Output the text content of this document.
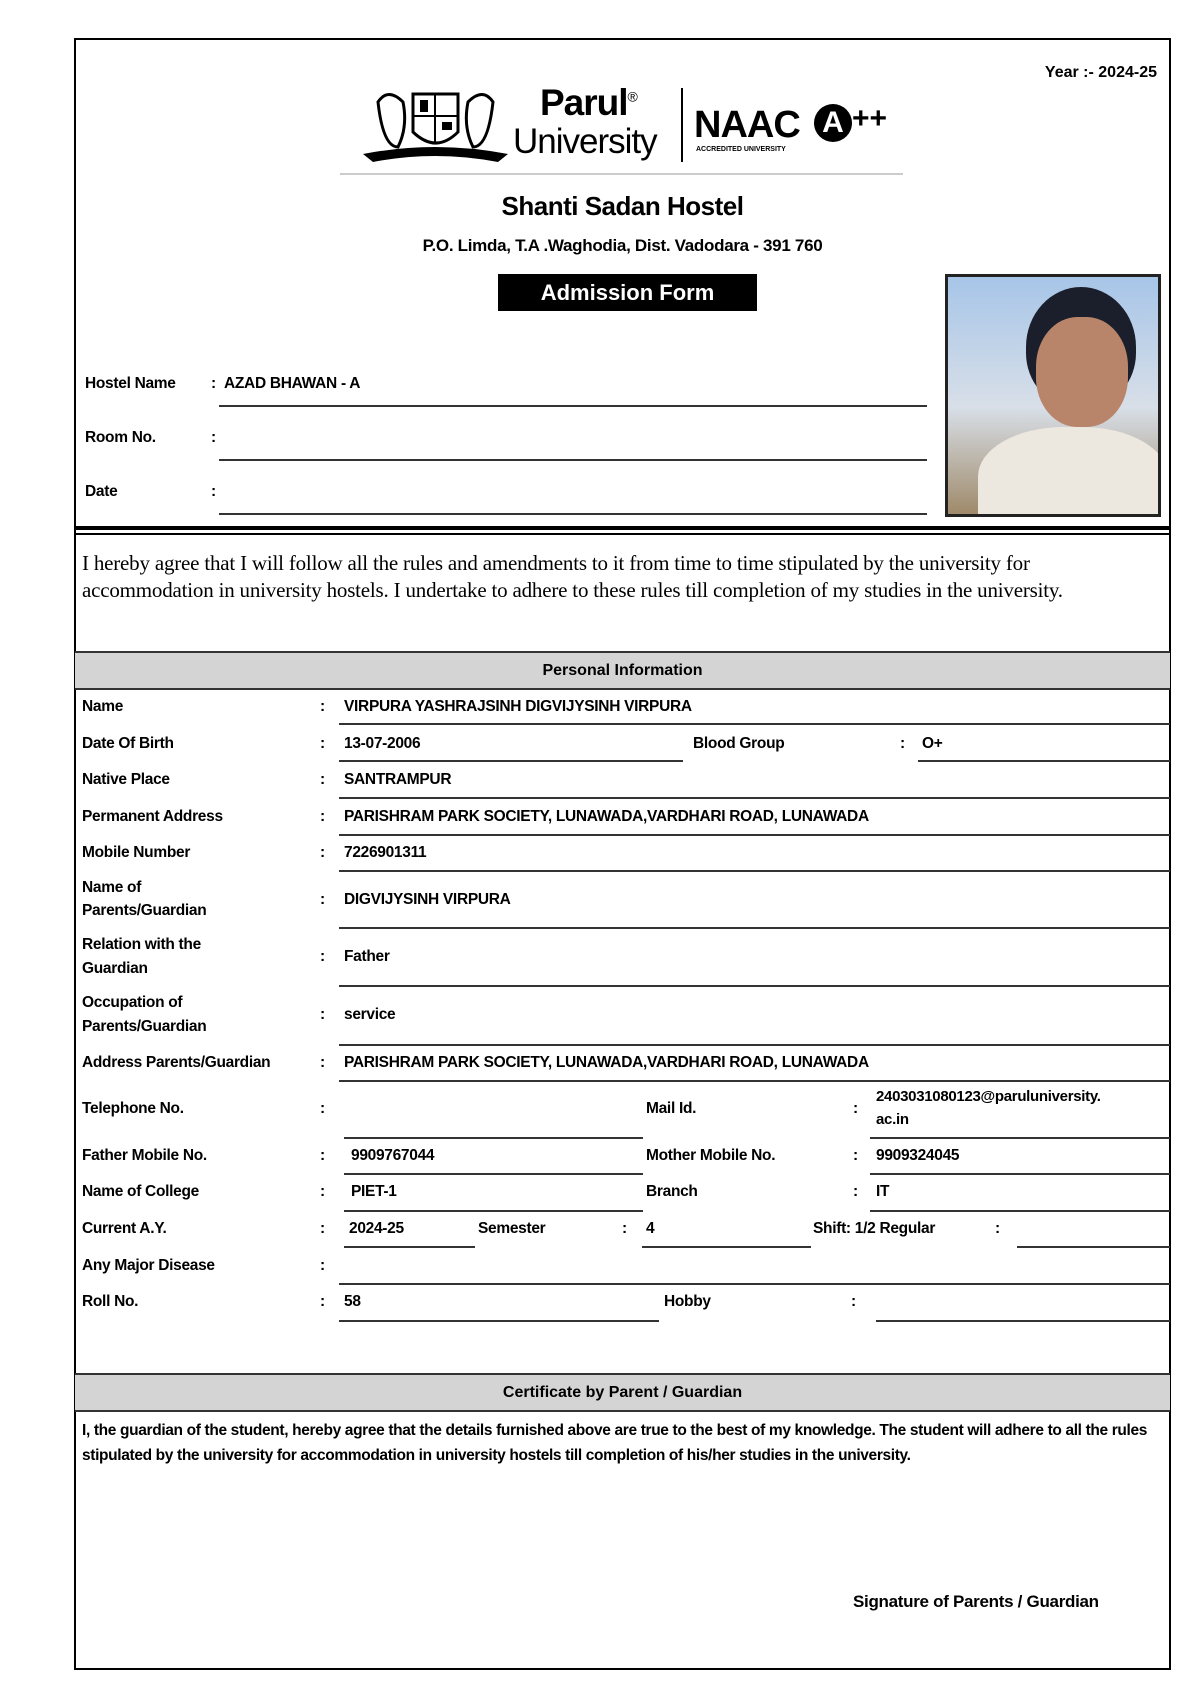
Year :- 2024-25
Parul®
University NAAC A ++
ACCREDITED UNIVERSITY
Shanti Sadan Hostel
P.O. Limda, T.A .Waghodia, Dist. Vadodara - 391 760
Admission Form
Hostel Name : AZAD BHAWAN - A
Room No.	:
Date	:
I hereby agree that I will follow all the rules and amendments to it from time to time stipulated by the university for accommodation in university hostels. I undertake to adhere to these rules till completion of my studies in the university.
Personal Information
Name	: VIRPURA YASHRAJSINH DIGVIJYSINH VIRPURA
Date Of Birth	: 13-07-2006	Blood Group	: O+
Native Place	: SANTRAMPUR
Permanent Address	: PARISHRAM PARK SOCIETY, LUNAWADA,VARDHARI ROAD, LUNAWADA
Mobile Number	: 7226901311
Name of
Parents/Guardian
: DIGVIJYSINH VIRPURA
Relation with the
Guardian
: Father
Occupation of
Parents/Guardian
: service
Address Parents/Guardian	: PARISHRAM PARK SOCIETY, LUNAWADA,VARDHARI ROAD, LUNAWADA
Telephone No.	:	Mail Id.	:
2403031080123@paruluniversity.
ac.in
Father Mobile No.	: 9909767044	Mother Mobile No.	: 9909324045
Name of College	: PIET-1	Branch	: IT
Current A.Y.	: 2024-25	Semester	: 4	Shift: 1/2 Regular	:
Any Major Disease	:
Roll No.	: 58	Hobby	:
Certificate by Parent / Guardian
I, the guardian of the student, hereby agree that the details furnished above are true to the best of my knowledge. The student will adhere to all the rules stipulated by the university for accommodation in university hostels till completion of his/her studies in the university.
Signature of Parents / Guardian
